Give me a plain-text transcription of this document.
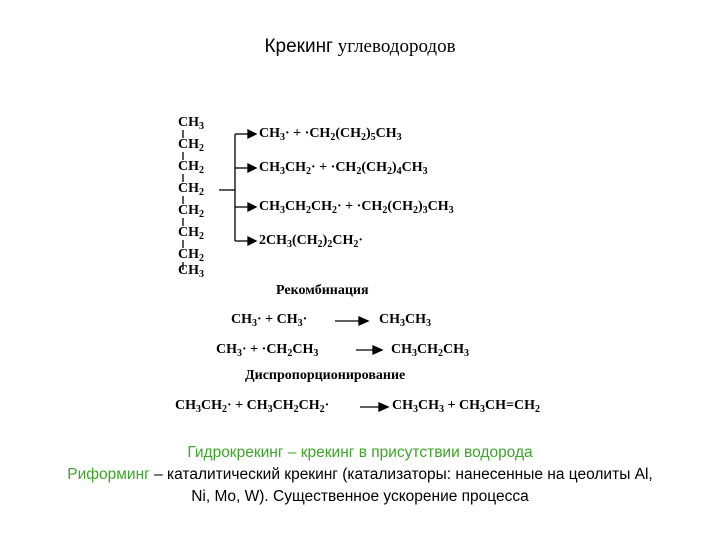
Крекинг углеводородов
$CH_3$
$CH_2$
$CH_2$
$CH_2$
$CH_2$
$CH_2$
$CH_2$
$CH_3$
$CH_3\cdot + \cdot CH_2(CH_2)_5CH_3$
$CH_3CH_2\cdot + \cdot CH_2(CH_2)_4CH_3$
$CH_3CH_2CH_2\cdot + \cdot CH_2(CH_2)_3CH_3$
$2CH_3(CH_2)_2CH_2\cdot$
Рекомбинация
$CH_3\cdot + CH_3\cdot$	$CH_3CH_3$
$CH_3\cdot + \cdot CH_2CH_3$	$CH_3CH_2CH_3$
Диспропорционирование
$CH_3CH_2\cdot + CH_3CH_2CH_2\cdot$	$CH_3CH_3 + CH_3CH=CH_2$
Гидрокрекинг – крекинг в присутствии водорода
Риформинг – каталитический крекинг (катализаторы: нанесенные на цеолиты Al,
Ni, Mo, W). Существенное ускорение процесса
